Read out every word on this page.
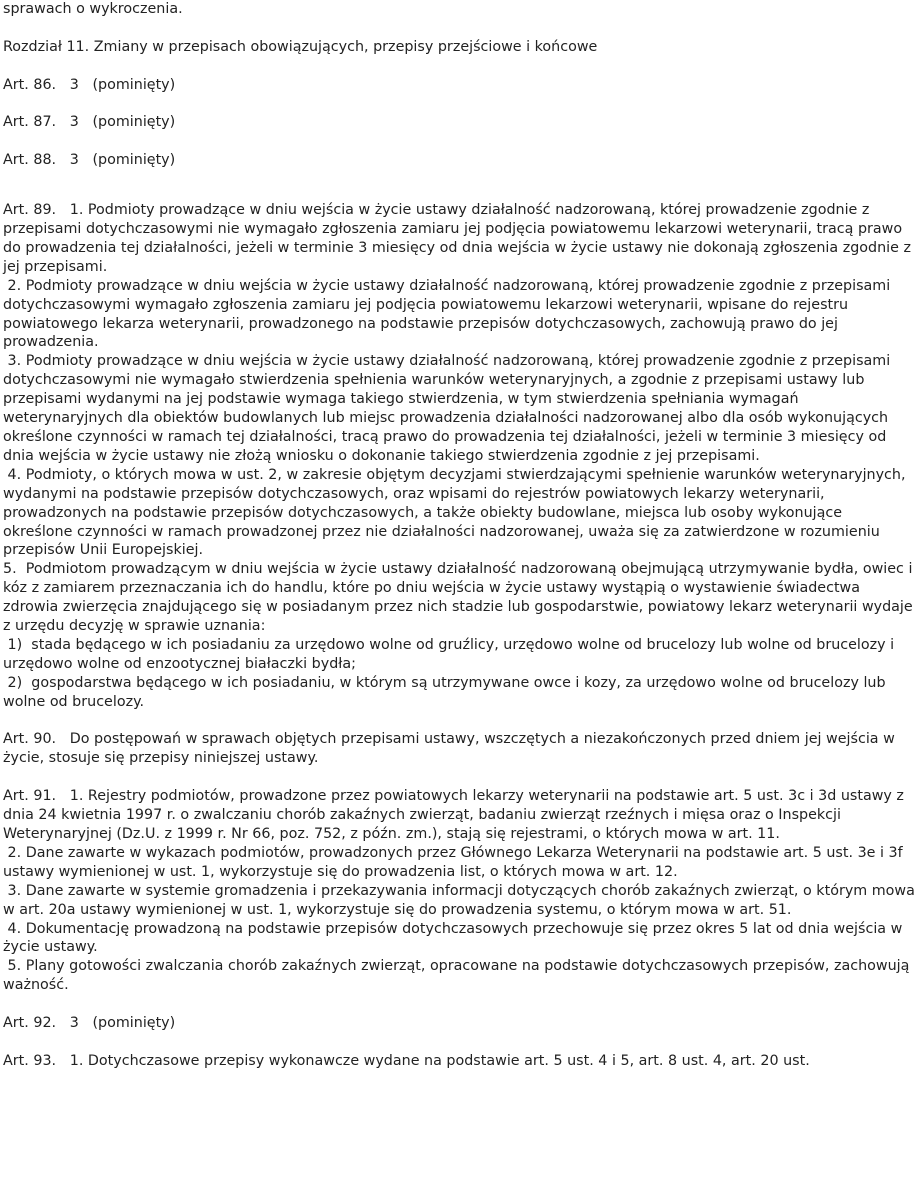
sprawach o wykroczenia.

Rozdział 11. Zmiany w przepisach obowiązujących, przepisy przejściowe i końcowe

Art. 86.   3   (pominięty)

Art. 87.   3   (pominięty)

Art. 88.   3   (pominięty)

Art. 89.   1. Podmioty prowadzące w dniu wejścia w życie ustawy działalność nadzorowaną, której prowadzenie zgodnie z przepisami dotychczasowymi nie wymagało zgłoszenia zamiaru jej podjęcia powiatowemu lekarzowi weterynarii, tracą prawo do prowadzenia tej działalności, jeżeli w terminie 3 miesięcy od dnia wejścia w życie ustawy nie dokonają zgłoszenia zgodnie z jej przepisami.

2. Podmioty prowadzące w dniu wejścia w życie ustawy działalność nadzorowaną, której prowadzenie zgodnie z przepisami dotychczasowymi wymagało zgłoszenia zamiaru jej podjęcia powiatowemu lekarzowi weterynarii, wpisane do rejestru powiatowego lekarza weterynarii, prowadzonego na podstawie przepisów dotychczasowych, zachowują prawo do jej prowadzenia.

3. Podmioty prowadzące w dniu wejścia w życie ustawy działalność nadzorowaną, której prowadzenie zgodnie z przepisami dotychczasowymi nie wymagało stwierdzenia spełnienia warunków weterynaryjnych, a zgodnie z przepisami ustawy lub przepisami wydanymi na jej podstawie wymaga takiego stwierdzenia, w tym stwierdzenia spełniania wymagań weterynaryjnych dla obiektów budowlanych lub miejsc prowadzenia działalności nadzorowanej albo dla osób wykonujących określone czynności w ramach tej działalności, tracą prawo do prowadzenia tej działalności, jeżeli w terminie 3 miesięcy od dnia wejścia w życie ustawy nie złożą wniosku o dokonanie takiego stwierdzenia zgodnie z jej przepisami.

4. Podmioty, o których mowa w ust. 2, w zakresie objętym decyzjami stwierdzającymi spełnienie warunków weterynaryjnych, wydanymi na podstawie przepisów dotychczasowych, oraz wpisami do rejestrów powiatowych lekarzy weterynarii, prowadzonych na podstawie przepisów dotychczasowych, a także obiekty budowlane, miejsca lub osoby wykonujące określone czynności w ramach prowadzonej przez nie działalności nadzorowanej, uważa się za zatwierdzone w rozumieniu przepisów Unii Europejskiej.

5.  Podmiotom prowadzącym w dniu wejścia w życie ustawy działalność nadzorowaną obejmującą utrzymywanie bydła, owiec i kóz z zamiarem przeznaczania ich do handlu, które po dniu wejścia w życie ustawy wystąpią o wystawienie świadectwa zdrowia zwierzęcia znajdującego się w posiadanym przez nich stadzie lub gospodarstwie, powiatowy lekarz weterynarii wydaje z urzędu decyzję w sprawie uznania:

1)  stada będącego w ich posiadaniu za urzędowo wolne od gruźlicy, urzędowo wolne od brucelozy lub wolne od brucelozy i urzędowo wolne od enzootycznej białaczki bydła;

2)  gospodarstwa będącego w ich posiadaniu, w którym są utrzymywane owce i kozy, za urzędowo wolne od brucelozy lub wolne od brucelozy.

Art. 90.   Do postępowań w sprawach objętych przepisami ustawy, wszczętych a niezakończonych przed dniem jej wejścia w życie, stosuje się przepisy niniejszej ustawy.

Art. 91.   1. Rejestry podmiotów, prowadzone przez powiatowych lekarzy weterynarii na podstawie art. 5 ust. 3c i 3d ustawy z dnia 24 kwietnia 1997 r. o zwalczaniu chorób zakaźnych zwierząt, badaniu zwierząt rzeźnych i mięsa oraz o Inspekcji Weterynaryjnej (Dz.U. z 1999 r. Nr 66, poz. 752, z późn. zm.), stają się rejestrami, o których mowa w art. 11.

2. Dane zawarte w wykazach podmiotów, prowadzonych przez Głównego Lekarza Weterynarii na podstawie art. 5 ust. 3e i 3f ustawy wymienionej w ust. 1, wykorzystuje się do prowadzenia list, o których mowa w art. 12.

3. Dane zawarte w systemie gromadzenia i przekazywania informacji dotyczących chorób zakaźnych zwierząt, o którym mowa w art. 20a ustawy wymienionej w ust. 1, wykorzystuje się do prowadzenia systemu, o którym mowa w art. 51.

4. Dokumentację prowadzoną na podstawie przepisów dotychczasowych przechowuje się przez okres 5 lat od dnia wejścia w życie ustawy.

5. Plany gotowości zwalczania chorób zakaźnych zwierząt, opracowane na podstawie dotychczasowych przepisów, zachowują ważność.

Art. 92.   3   (pominięty)

Art. 93.   1. Dotychczasowe przepisy wykonawcze wydane na podstawie art. 5 ust. 4 i 5, art. 8 ust. 4, art. 20 ust.
